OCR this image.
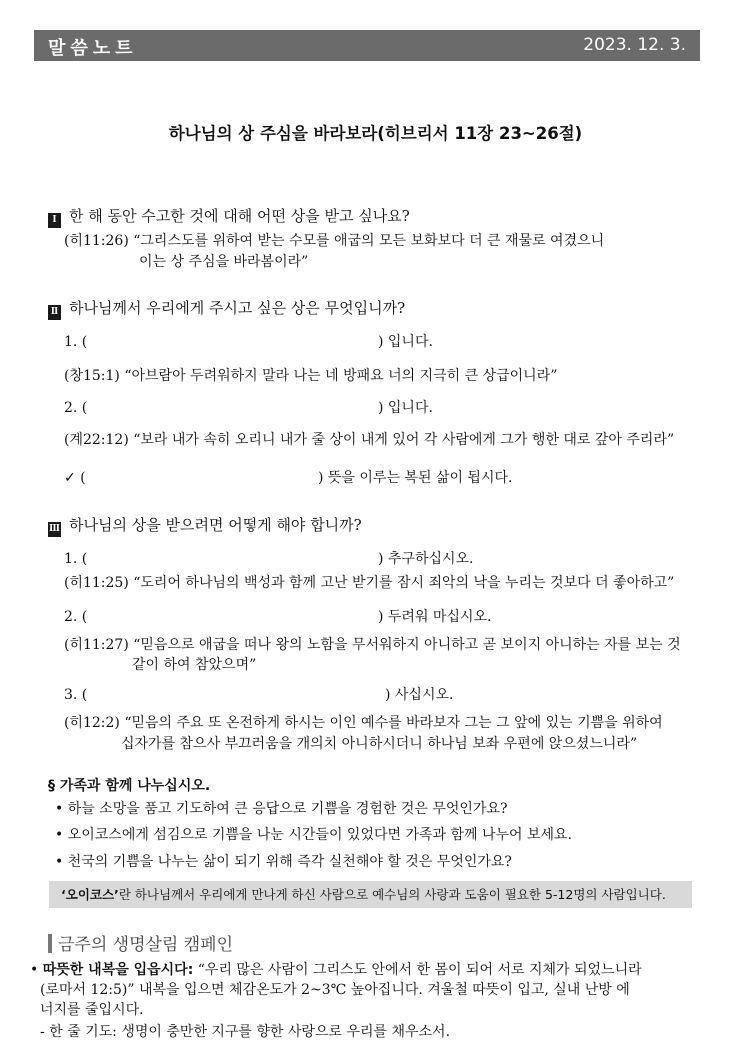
말씀노트	2023. 12. 3.
하나님의 상 주심을 바라보라(히브리서 11장 23~26절)
Ⅰ 한 해 동안 수고한 것에 대해 어떤 상을 받고 싶나요?
(히11:26) “그리스도를 위하여 받는 수모를 애굽의 모든 보화보다 더 큰 재물로 여겼으니
이는 상 주심을 바라봄이라”
Ⅱ 하나님께서 우리에게 주시고 싶은 상은 무엇입니까?
1. (	) 입니다.
(창15:1) “아브람아 두려워하지 말라 나는 네 방패요 너의 지극히 큰 상급이니라”
2. (	) 입니다.
(계22:12) “보라 내가 속히 오리니 내가 줄 상이 내게 있어 각 사람에게 그가 행한 대로 갚아 주리라”
✓ (	) 뜻을 이루는 복된 삶이 됩시다.
Ⅲ 하나님의 상을 받으려면 어떻게 해야 합니까?
1. (	) 추구하십시오.
(히11:25) “도리어 하나님의 백성과 함께 고난 받기를 잠시 죄악의 낙을 누리는 것보다 더 좋아하고”
2. (	) 두려워 마십시오.
(히11:27) “믿음으로 애굽을 떠나 왕의 노함을 무서워하지 아니하고 곧 보이지 아니하는 자를 보는 것
같이 하여 참았으며”
3. (	) 사십시오.
(히12:2) “믿음의 주요 또 온전하게 하시는 이인 예수를 바라보자 그는 그 앞에 있는 기쁨을 위하여
십자가를 참으사 부끄러움을 개의치 아니하시더니 하나님 보좌 우편에 앉으셨느니라”
§ 가족과 함께 나누십시오.
• 하늘 소망을 품고 기도하여 큰 응답으로 기쁨을 경험한 것은 무엇인가요?
• 오이코스에게 섬김으로 기쁨을 나눈 시간들이 있었다면 가족과 함께 나누어 보세요.
• 천국의 기쁨을 나누는 삶이 되기 위해 즉각 실천해야 할 것은 무엇인가요?
‘오이코스’란 하나님께서 우리에게 만나게 하신 사람으로 예수님의 사랑과 도움이 필요한 5-12명의 사람입니다.
금주의 생명살림 캠페인
• 따뜻한 내복을 입읍시다: “우리 많은 사람이 그리스도 안에서 한 몸이 되어 서로 지체가 되었느니라
(로마서 12:5)” 내복을 입으면 체감온도가 2~3℃ 높아집니다. 겨울철 따뜻이 입고, 실내 난방 에
너지를 줄입시다.
- 한 줄 기도: 생명이 충만한 지구를 향한 사랑으로 우리를 채우소서.
